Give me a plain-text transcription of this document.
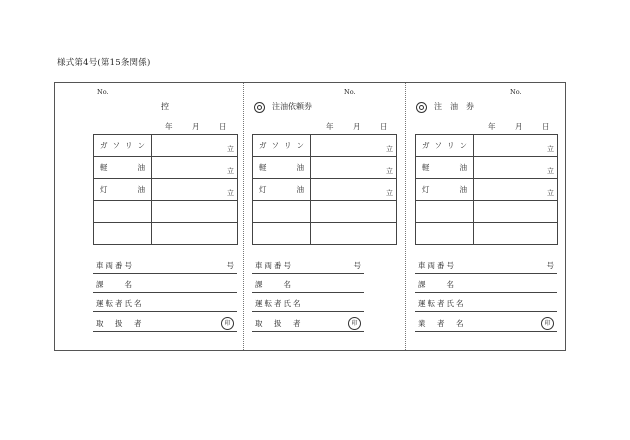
様式第4号(第15条関係)
No.
控
年	月	日
ガ ソ リ ン	立

軽 油	立

灯 油	立

車両番号	号
課　　名
運転者氏名
取　扱　者	印
No.
注油依頼券
年	月	日
ガ ソ リ ン	立

軽 油	立

灯 油	立

車両番号	号
課　　名
運転者氏名
取　扱　者	印
No.
注　油　券
年	月	日
ガ ソ リ ン	立

軽 油	立

灯 油	立

車両番号	号
課　　名
運転者氏名
業　者　名	印
